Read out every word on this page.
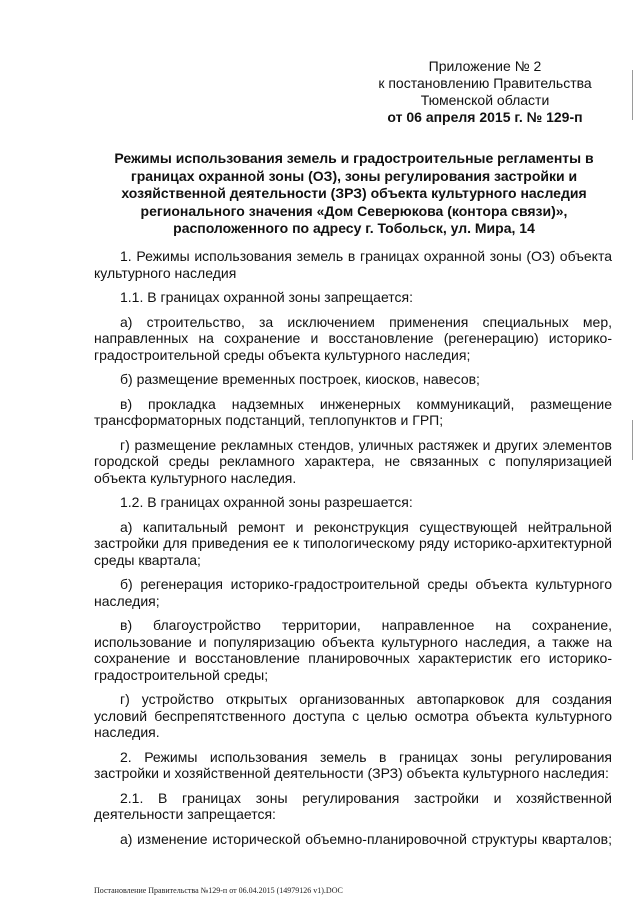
Приложение № 2
к постановлению Правительства
Тюменской области
от 06 апреля 2015 г. № 129-п
Режимы использования земель и градостроительные регламенты в границах охранной зоны (ОЗ), зоны регулирования застройки и хозяйственной деятельности (ЗРЗ) объекта культурного наследия регионального значения «Дом Северюкова (контора связи)», расположенного по адресу г. Тобольск, ул. Мира, 14

1. Режимы использования земель в границах охранной зоны (ОЗ) объекта культурного наследия

1.1. В границах охранной зоны запрещается:

а) строительство, за исключением применения специальных мер, направленных на сохранение и восстановление (регенерацию) историко-градостроительной среды объекта культурного наследия;

б) размещение временных построек, киосков, навесов;

в) прокладка надземных инженерных коммуникаций, размещение трансформаторных подстанций, теплопунктов и ГРП;

г) размещение рекламных стендов, уличных растяжек и других элементов городской среды рекламного характера, не связанных с популяризацией объекта культурного наследия.

1.2. В границах охранной зоны разрешается:

а) капитальный ремонт и реконструкция существующей нейтральной застройки для приведения ее к типологическому ряду историко-архитектурной среды квартала;

б) регенерация историко-градостроительной среды объекта культурного наследия;

в) благоустройство территории, направленное на сохранение, использование и популяризацию объекта культурного наследия, а также на сохранение и восстановление планировочных характеристик его историко-градостроительной среды;

г) устройство открытых организованных автопарковок для создания условий беспрепятственного доступа с целью осмотра объекта культурного наследия.

2. Режимы использования земель в границах зоны регулирования застройки и хозяйственной деятельности (ЗРЗ) объекта культурного наследия:

2.1. В границах зоны регулирования застройки и хозяйственной деятельности запрещается:

а) изменение исторической объемно-планировочной структуры кварталов;

Постановление Правительства №129-п от 06.04.2015 (14979126 v1).DOC
